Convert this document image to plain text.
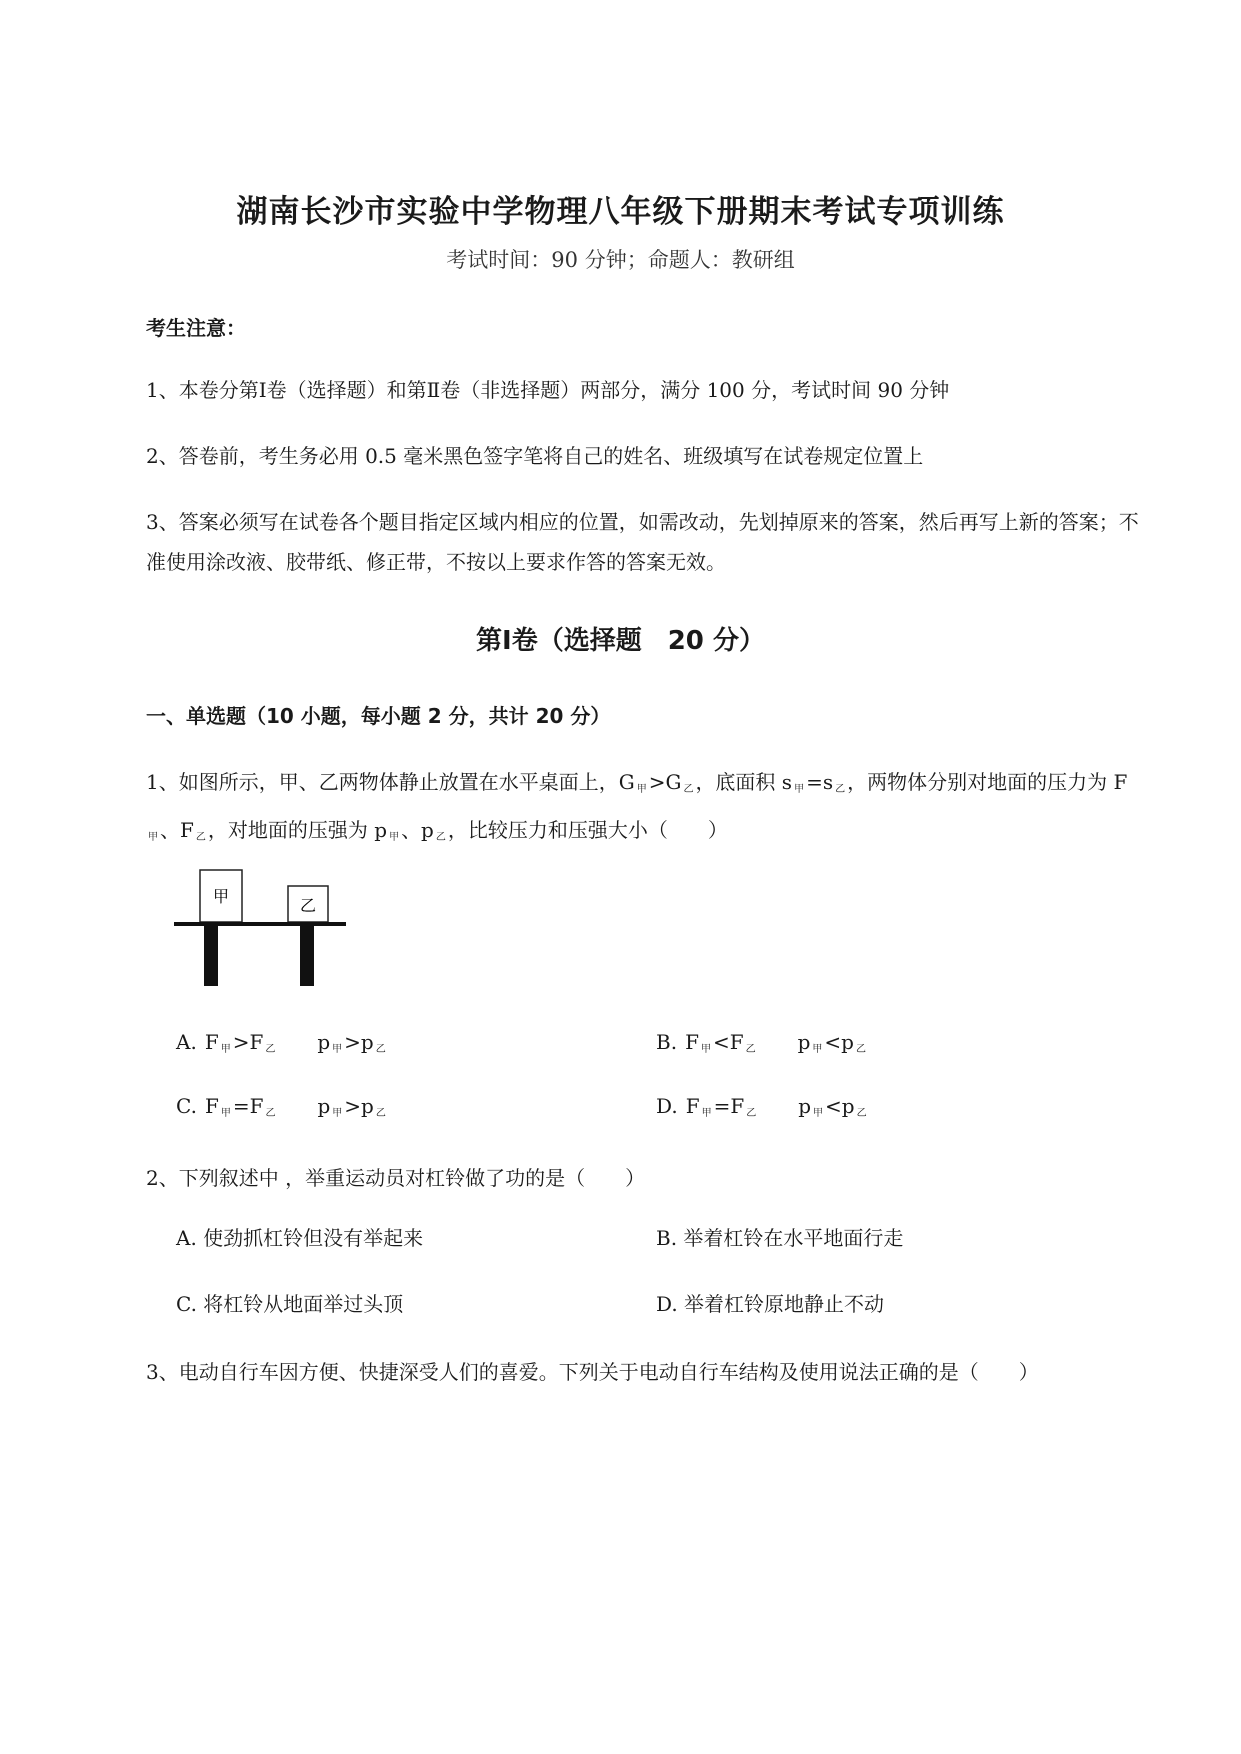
湖南长沙市实验中学物理八年级下册期末考试专项训练
考试时间：90 分钟；命题人：教研组
考生注意：
1、本卷分第Ⅰ卷（选择题）和第Ⅱ卷（非选择题）两部分，满分 100 分，考试时间 90 分钟
2、答卷前，考生务必用 0.5 毫米黑色签字笔将自己的姓名、班级填写在试卷规定位置上
3、答案必须写在试卷各个题目指定区域内相应的位置，如需改动，先划掉原来的答案，然后再写上新的答案；不准使用涂改液、胶带纸、修正带，不按以上要求作答的答案无效。
第Ⅰ卷（选择题　20 分）
一、单选题（10 小题，每小题 2 分，共计 20 分）
1、如图所示，甲、乙两物体静止放置在水平桌面上，G $_甲$ >G $_乙$ ，底面积 s $_甲$ =s $_乙$ ，两物体分别对地面的压力为 $F_甲$ 、F $_乙$ ，对地面的压强为 p $_甲$ 、p $_乙$ ，比较压力和压强大小（　　）
甲	乙
A. F $_甲$ >F $_乙$ p $_甲$ >p $_乙$	B. F $_甲$ <F $_乙$ p $_甲$ <p $_乙$
C. F $_甲$ =F $_乙$ p $_甲$ >p $_乙$	D. F $_甲$ =F $_乙$ p $_甲$ <p $_乙$
2、下列叙述中 ，举重运动员对杠铃做了功的是（　　）
A. 使劲抓杠铃但没有举起来	B. 举着杠铃在水平地面行走
C. 将杠铃从地面举过头顶	D. 举着杠铃原地静止不动
3、电动自行车因方便、快捷深受人们的喜爱。下列关于电动自行车结构及使用说法正确的是（　　）
